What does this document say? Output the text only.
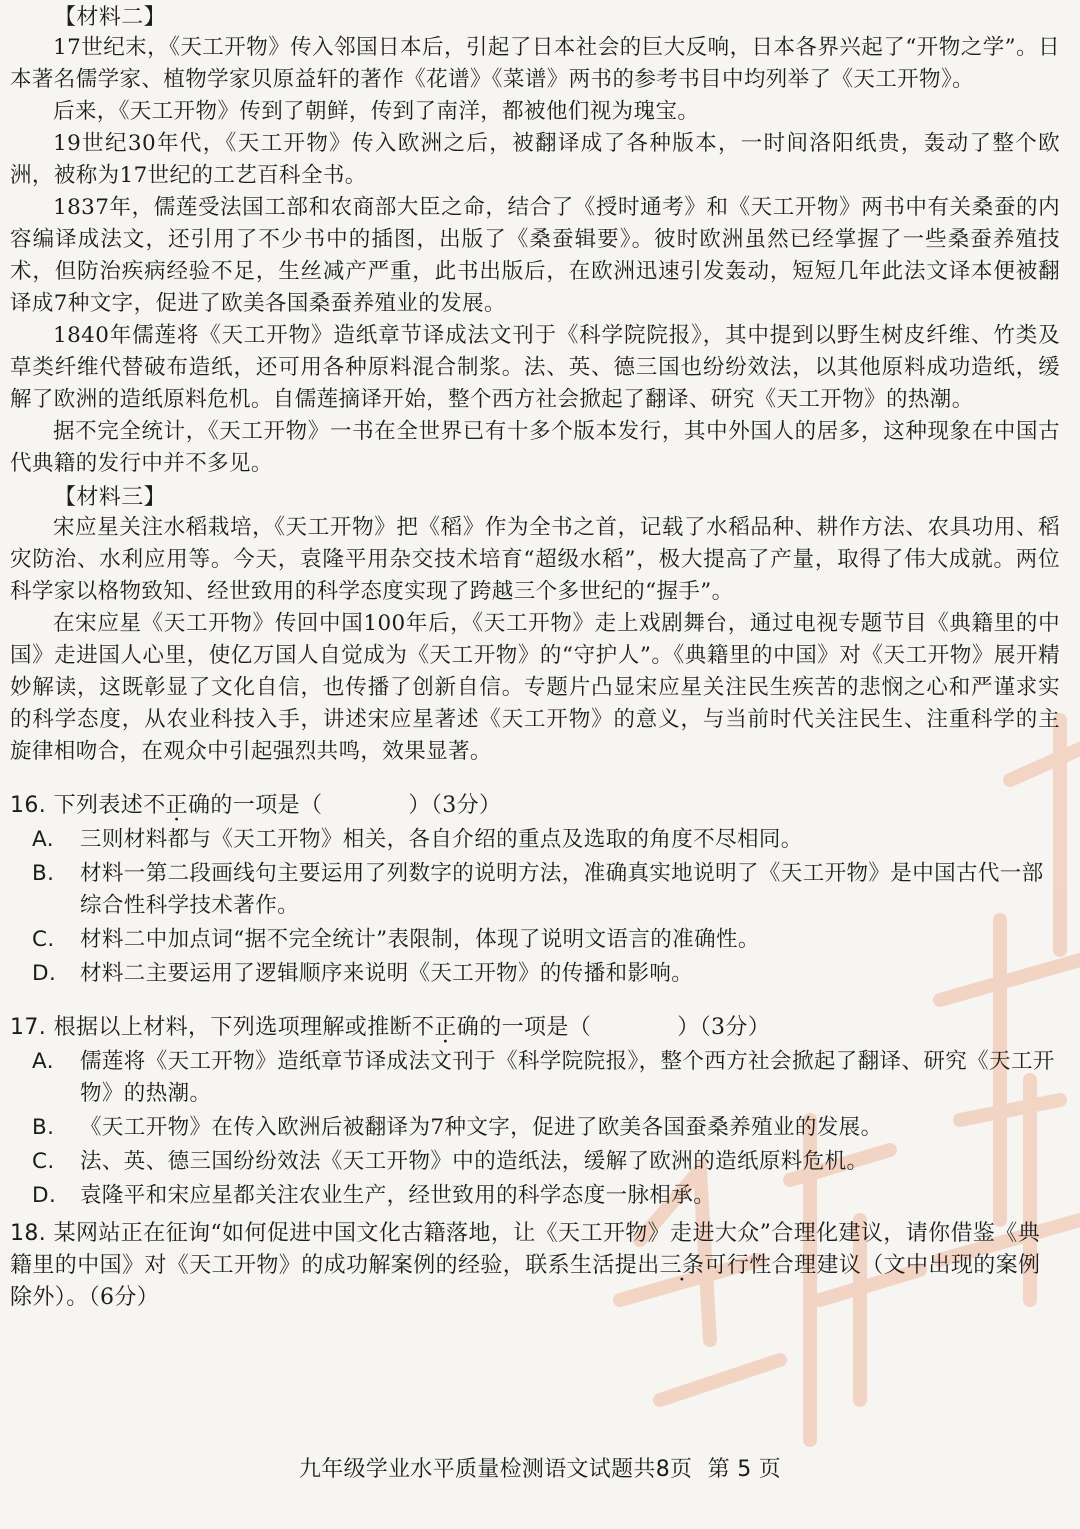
【材料二】

17世纪末，《天工开物》传入邻国日本后，引起了日本社会的巨大反响，日本各界兴起了“开物之学”。日本著名儒学家、植物学家贝原益轩的著作《花谱》《菜谱》两书的参考书目中均列举了《天工开物》。

后来，《天工开物》传到了朝鲜，传到了南洋，都被他们视为瑰宝。

19世纪30年代，《天工开物》传入欧洲之后，被翻译成了各种版本，一时间洛阳纸贵，轰动了整个欧洲，被称为17世纪的工艺百科全书。

1837年，儒莲受法国工部和农商部大臣之命，结合了《授时通考》和《天工开物》两书中有关桑蚕的内容编译成法文，还引用了不少书中的插图，出版了《桑蚕辑要》。彼时欧洲虽然已经掌握了一些桑蚕养殖技术，但防治疾病经验不足，生丝减产严重，此书出版后，在欧洲迅速引发轰动，短短几年此法文译本便被翻译成7种文字，促进了欧美各国桑蚕养殖业的发展。

1840年儒莲将《天工开物》造纸章节译成法文刊于《科学院院报》，其中提到以野生树皮纤维、竹类及草类纤维代替破布造纸，还可用各种原料混合制浆。法、英、德三国也纷纷效法，以其他原料成功造纸，缓解了欧洲的造纸原料危机。自儒莲摘译开始，整个西方社会掀起了翻译、研究《天工开物》的热潮。

据不完全统计，《天工开物》一书在全世界已有十多个版本发行，其中外国人的居多，这种现象在中国古代典籍的发行中并不多见。

【材料三】

宋应星关注水稻栽培，《天工开物》把《稻》作为全书之首，记载了水稻品种、耕作方法、农具功用、稻灾防治、水利应用等。今天，袁隆平用杂交技术培育“超级水稻”，极大提高了产量，取得了伟大成就。两位科学家以格物致知、经世致用的科学态度实现了跨越三个多世纪的“握手”。

在宋应星《天工开物》传回中国100年后，《天工开物》走上戏剧舞台，通过电视专题节目《典籍里的中国》走进国人心里，使亿万国人自觉成为《天工开物》的“守护人”。《典籍里的中国》对《天工开物》展开精妙解读，这既彰显了文化自信，也传播了创新自信。专题片凸显宋应星关注民生疾苦的悲悯之心和严谨求实的科学态度，从农业科技入手，讲述宋应星著述《天工开物》的意义，与当前时代关注民生、注重科学的主旋律相吻合，在观众中引起强烈共鸣，效果显著。

16. 下列表述不正确的一项是（	）（3分）
A. 三则材料都与《天工开物》相关，各自介绍的重点及选取的角度不尽相同。
B. 材料一第二段画线句主要运用了列数字的说明方法，准确真实地说明了《天工开物》是中国古代一部综合性科学技术著作。
C. 材料二中加点词“据不完全统计”表限制，体现了说明文语言的准确性。
D. 材料二主要运用了逻辑顺序来说明《天工开物》的传播和影响。
17. 根据以上材料，下列选项理解或推断不正确的一项是（	）（3分）
A. 儒莲将《天工开物》造纸章节译成法文刊于《科学院院报》，整个西方社会掀起了翻译、研究《天工开物》的热潮。
B. 《天工开物》在传入欧洲后被翻译为7种文字，促进了欧美各国蚕桑养殖业的发展。
C. 法、英、德三国纷纷效法《天工开物》中的造纸法，缓解了欧洲的造纸原料危机。
D. 袁隆平和宋应星都关注农业生产，经世致用的科学态度一脉相承。
18. 某网站正在征询“如何促进中国文化古籍落地，让《天工开物》走进大众”合理化建议，请你借鉴《典籍里的中国》对《天工开物》的成功解案例的经验，联系生活提出三条可行性合理建议（文中出现的案例除外）。（6分）
九年级学业水平质量检测语文试题共8页 第 5 页
